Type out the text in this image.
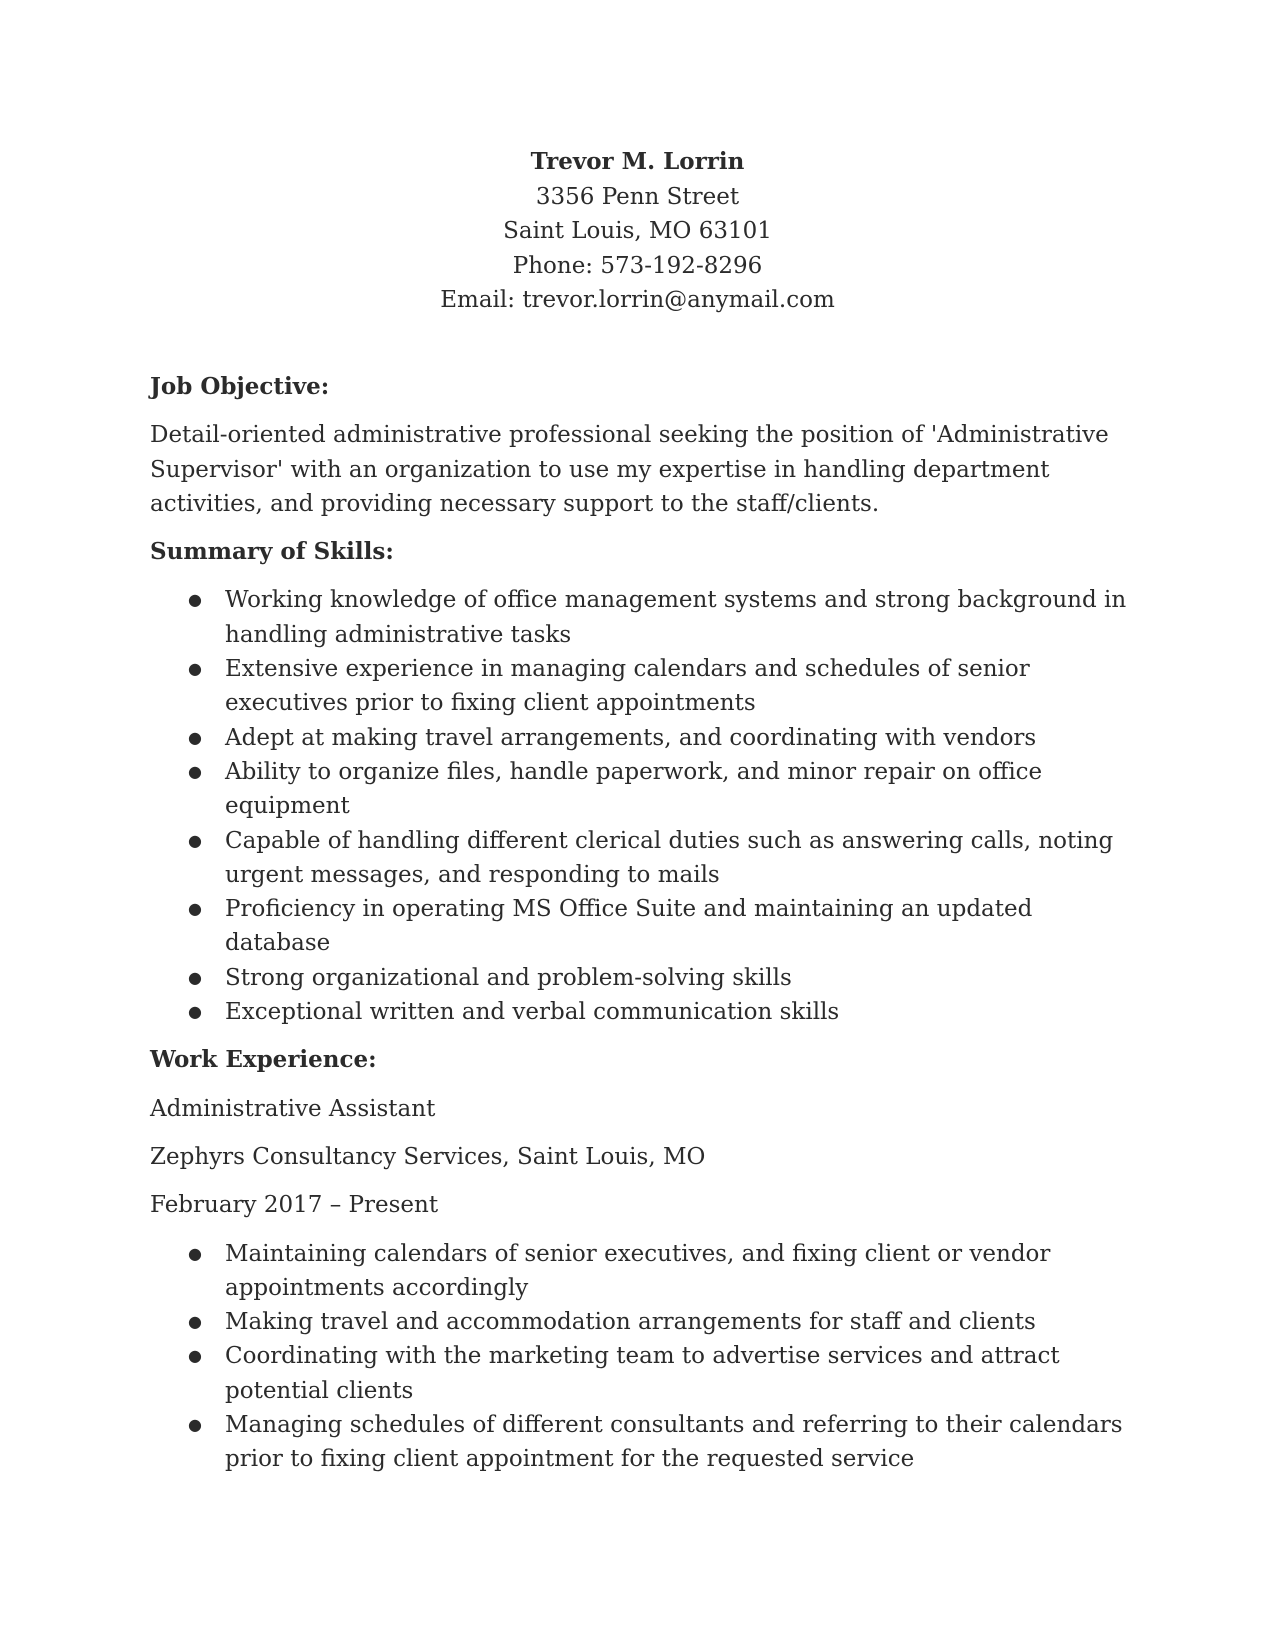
Trevor M. Lorrin
3356 Penn Street
Saint Louis, MO 63101
Phone: 573-192-8296
Email: trevor.lorrin@anymail.com
Job Objective:

Detail-oriented administrative professional seeking the position of 'Administrative Supervisor' with an organization to use my expertise in handling department activities, and providing necessary support to the staff/clients.

Summary of Skills:
● Working knowledge of office management systems and strong background in handling administrative tasks
● Extensive experience in managing calendars and schedules of senior executives prior to fixing client appointments
● Adept at making travel arrangements, and coordinating with vendors
● Ability to organize files, handle paperwork, and minor repair on office equipment
● Capable of handling different clerical duties such as answering calls, noting urgent messages, and responding to mails
● Proficiency in operating MS Office Suite and maintaining an updated database
● Strong organizational and problem-solving skills
● Exceptional written and verbal communication skills
Work Experience:

Administrative Assistant

Zephyrs Consultancy Services, Saint Louis, MO

February 2017 – Present

● Maintaining calendars of senior executives, and fixing client or vendor appointments accordingly
● Making travel and accommodation arrangements for staff and clients
● Coordinating with the marketing team to advertise services and attract potential clients
● Managing schedules of different consultants and referring to their calendars prior to fixing client appointment for the requested service
